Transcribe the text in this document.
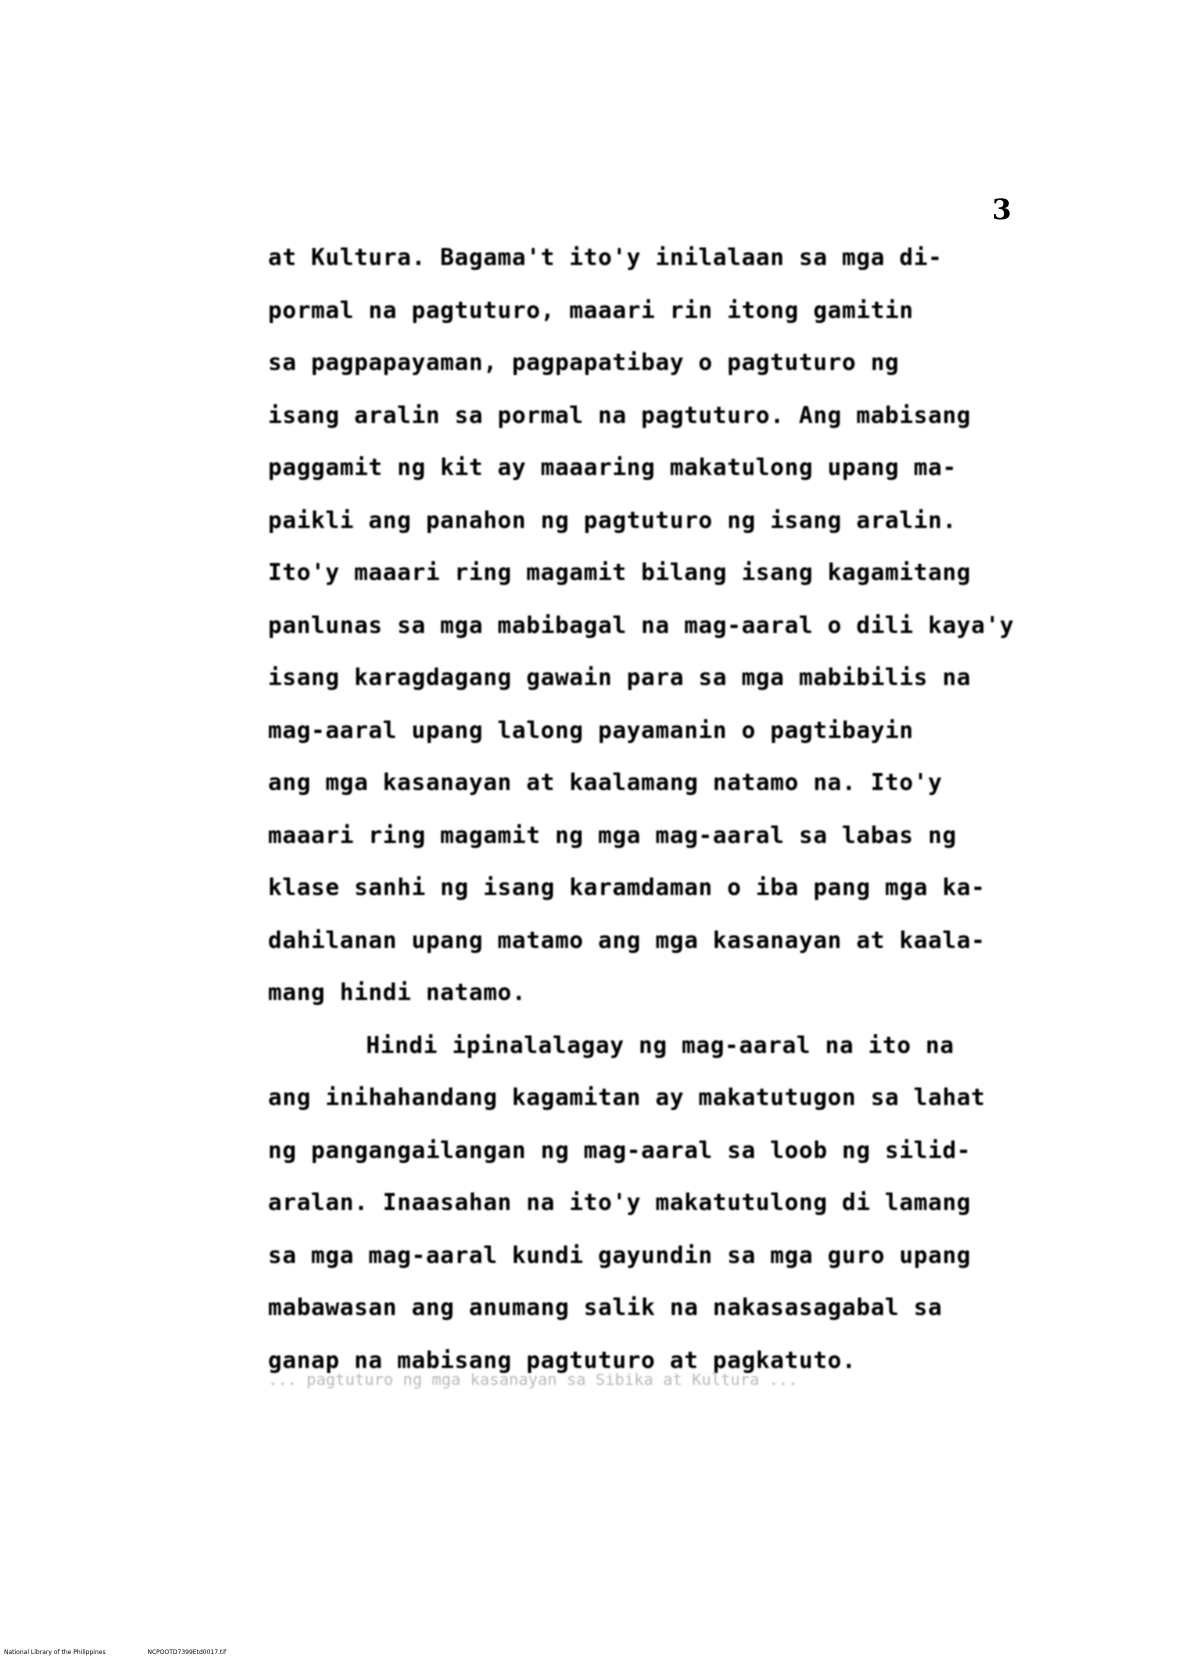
3
at Kultura. Bagama't ito'y inilalaan sa mga di-
pormal na pagtuturo, maaari rin itong gamitin
sa pagpapayaman, pagpapatibay o pagtuturo ng
isang aralin sa pormal na pagtuturo. Ang mabisang
paggamit ng kit ay maaaring makatulong upang ma-
paikli ang panahon ng pagtuturo ng isang aralin.
Ito'y maaari ring magamit bilang isang kagamitang
panlunas sa mga mabibagal na mag-aaral o dili kaya'y
isang karagdagang gawain para sa mga mabibilis na
mag-aaral upang lalong payamanin o pagtibayin
ang mga kasanayan at kaalamang natamo na. Ito'y
maaari ring magamit ng mga mag-aaral sa labas ng
klase sanhi ng isang karamdaman o iba pang mga ka-
dahilanan upang matamo ang mga kasanayan at kaala-
mang hindi natamo.
Hindi ipinalalagay ng mag-aaral na ito na
ang inihahandang kagamitan ay makatutugon sa lahat
ng pangangailangan ng mag-aaral sa loob ng silid-
aralan. Inaasahan na ito'y makatutulong di lamang
sa mga mag-aaral kundi gayundin sa mga guro upang
mabawasan ang anumang salik na nakasasagabal sa
ganap na mabisang pagtuturo at pagkatuto.
... pagtuturo ng mga kasanayan sa Sibika at Kultura ...
National Library of the Philippines	NCPOOTD7399Etd0017.tif
